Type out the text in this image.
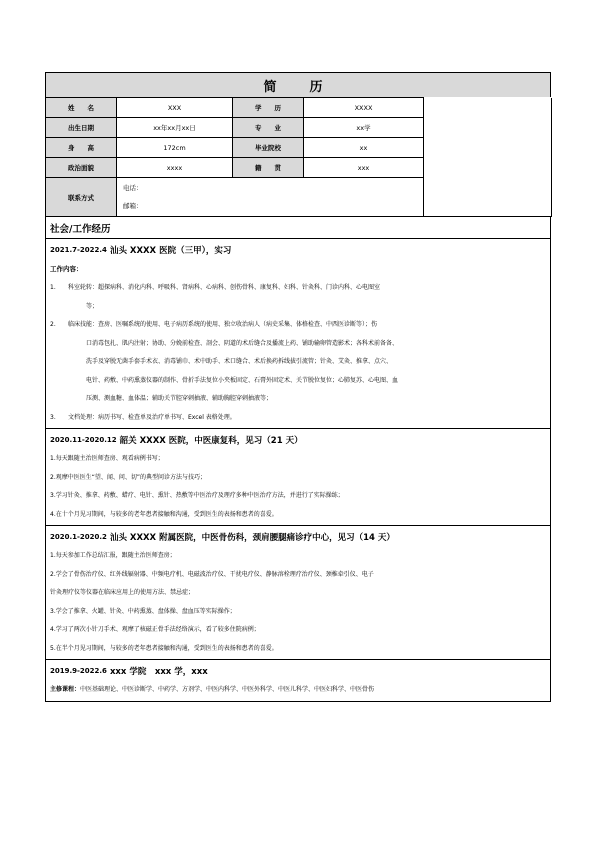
简　历
姓　　名	XXX	学　　历	XXXX	
出生日期	xx年xx月xx日	专　　业	xx学	
身　　高	172cm	毕业院校	xx	
政治面貌	xxxx	籍　　贯	xxx	
联系方式	电话：
邮箱：			

社会/工作经历
2021.7-2022.4 汕头 XXXX 医院（三甲），实习
工作内容：
1. 科室轮转：超探病科、消化内科、呼吸科、肾病科、心病科、创伤骨科、康复科、妇科、针灸科、门诊内科、心电图室
等；
2. 临床技能：查房、医嘱系统的使用、电子病历系统的使用、独立收治病人（病史采集、体格检查、中西医诊断等）；伤
口消毒包扎、肌内注射；协助、分娩前检查、剖会、阴道的术后缝合及播流上药、铺助输卵管造影术；各科术前备备、
洗手及穿脱无菌手套手术衣、消毒铺巾、术中助手、术口缝合、术后换药拆线拔引流管；针灸、艾灸、推拿、点穴、
电针、药敷、中药熏蒸仪器的制作、骨折手法复位小夹板固定、石膏外固定术、关节脱位复位；心肺复苏、心电图、血
压测、测血糖、血体温；辅助关节腔穿刺抽液、辅助胸腔穿刺抽液等；
3. 文档处理：病历书写、检查单及治疗单书写、Excel 表格处理。
2020.11-2020.12 韶关 XXXX 医院，中医康复科，见习（21 天）
1.每天跟随主治医师查房、观看病例书写；
2.观摩中医医生“望、闻、问、切”的典型问诊方法与技巧；
3.学习针灸、推拿、药敷、蜡疗、电针、熏针、热敷等中医治疗及理疗多种中医治疗方法，并进行了实际操练；
4.在十个月见习期间，与较多的老年患者接触和沟通，受到医生的表扬和患者的喜爱。
2020.1-2020.2 汕头 XXXX 附属医院，中医骨伤科，颈肩腰腿痛诊疗中心，见习（14 天）
1.每天参加工作总结汇报，跟随主治医师查房；
2.学会了骨伤治疗仪、红外线辐射器、中频电疗机、电磁波治疗仪、干扰电疗仪、静脉溶栓理疗治疗仪、颈椎牵引仪、电子
针灸理疗仪等仪器在临床应用上的使用方法、禁忌症；
3.学会了推拿、火罐、针灸、中药熏蒸、盘体操、盘血压等实际操作；
4.学习了两次小针刀手术、观摩了核磁正骨手法经络演示，看了较多住院病例；
5.在半个月见习期间，与较多的老年患者接触和沟通，受到医生的表扬和患者的喜爱。
2019.9-2022.6 xxx 学院　xxx 学，xxx
主修课程：中医基础理论、中医诊断学、中药学、方剂学、中医内科学、中医外科学、中医儿科学、中医妇科学、中医骨伤
